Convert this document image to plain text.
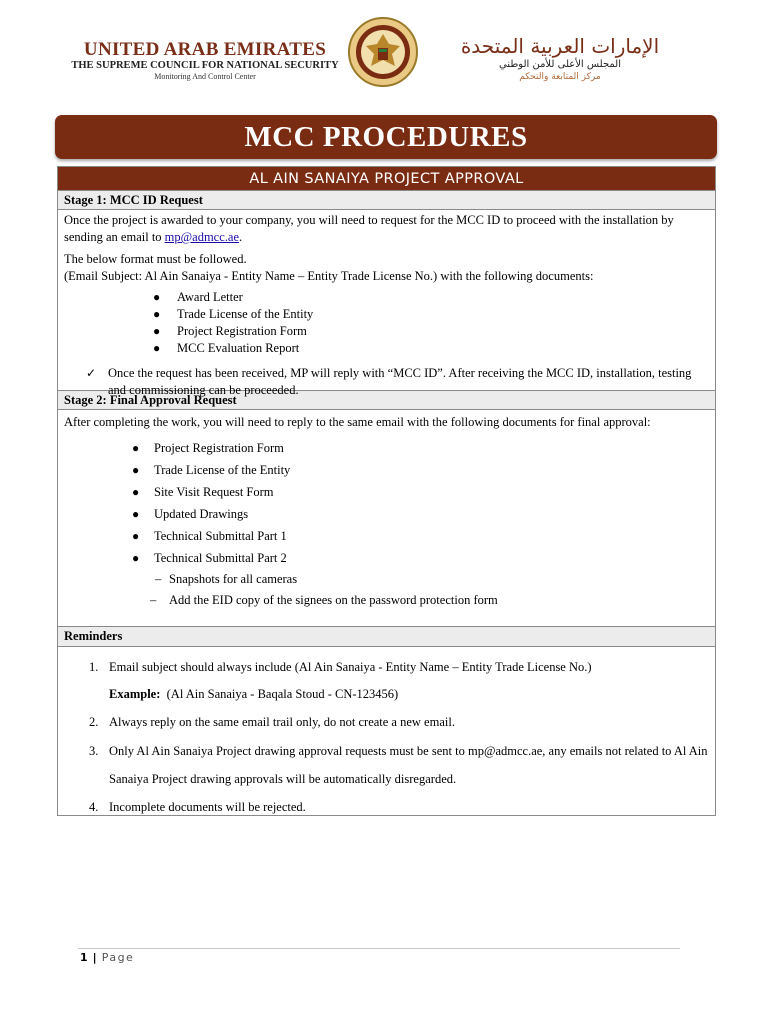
UNITED ARAB EMIRATES
THE SUPREME COUNCIL FOR NATIONAL SECURITY
Monitoring And Control Center
الإمارات العربية المتحدة
المجلس الأعلى للأمن الوطني
مركز المتابعة والتحكم
MCC PROCEDURES
AL AIN SANAIYA PROJECT APPROVAL
Stage 1: MCC ID Request

Once the project is awarded to your company, you will need to request for the MCC ID to proceed with the installation by sending an email to mp@admcc.ae.

The below format must be followed.

(Email Subject: Al Ain Sanaiya - Entity Name – Entity Trade License No.) with the following documents:

● Award Letter
● Trade License of the Entity
● Project Registration Form
● MCC Evaluation Report
✓ Once the request has been received, MP will reply with “MCC ID”. After receiving the MCC ID, installation, testing and commissioning can be proceeded.
Stage 2: Final Approval Request

After completing the work, you will need to reply to the same email with the following documents for final approval:

● Project Registration Form
● Trade License of the Entity
● Site Visit Request Form
● Updated Drawings
● Technical Submittal Part 1
● Technical Submittal Part 2
– Snapshots for all cameras
– Add the EID copy of the signees on the password protection form
Reminders
1. Email subject should always include (Al Ain Sanaiya - Entity Name – Entity Trade License No.)
Example: (Al Ain Sanaiya - Baqala Stoud - CN-123456)
2. Always reply on the same email trail only, do not create a new email.
3. Only Al Ain Sanaiya Project drawing approval requests must be sent to mp@admcc.ae, any emails not related to Al Ain Sanaiya Project drawing approvals will be automatically disregarded.
4. Incomplete documents will be rejected.
1 | Page
